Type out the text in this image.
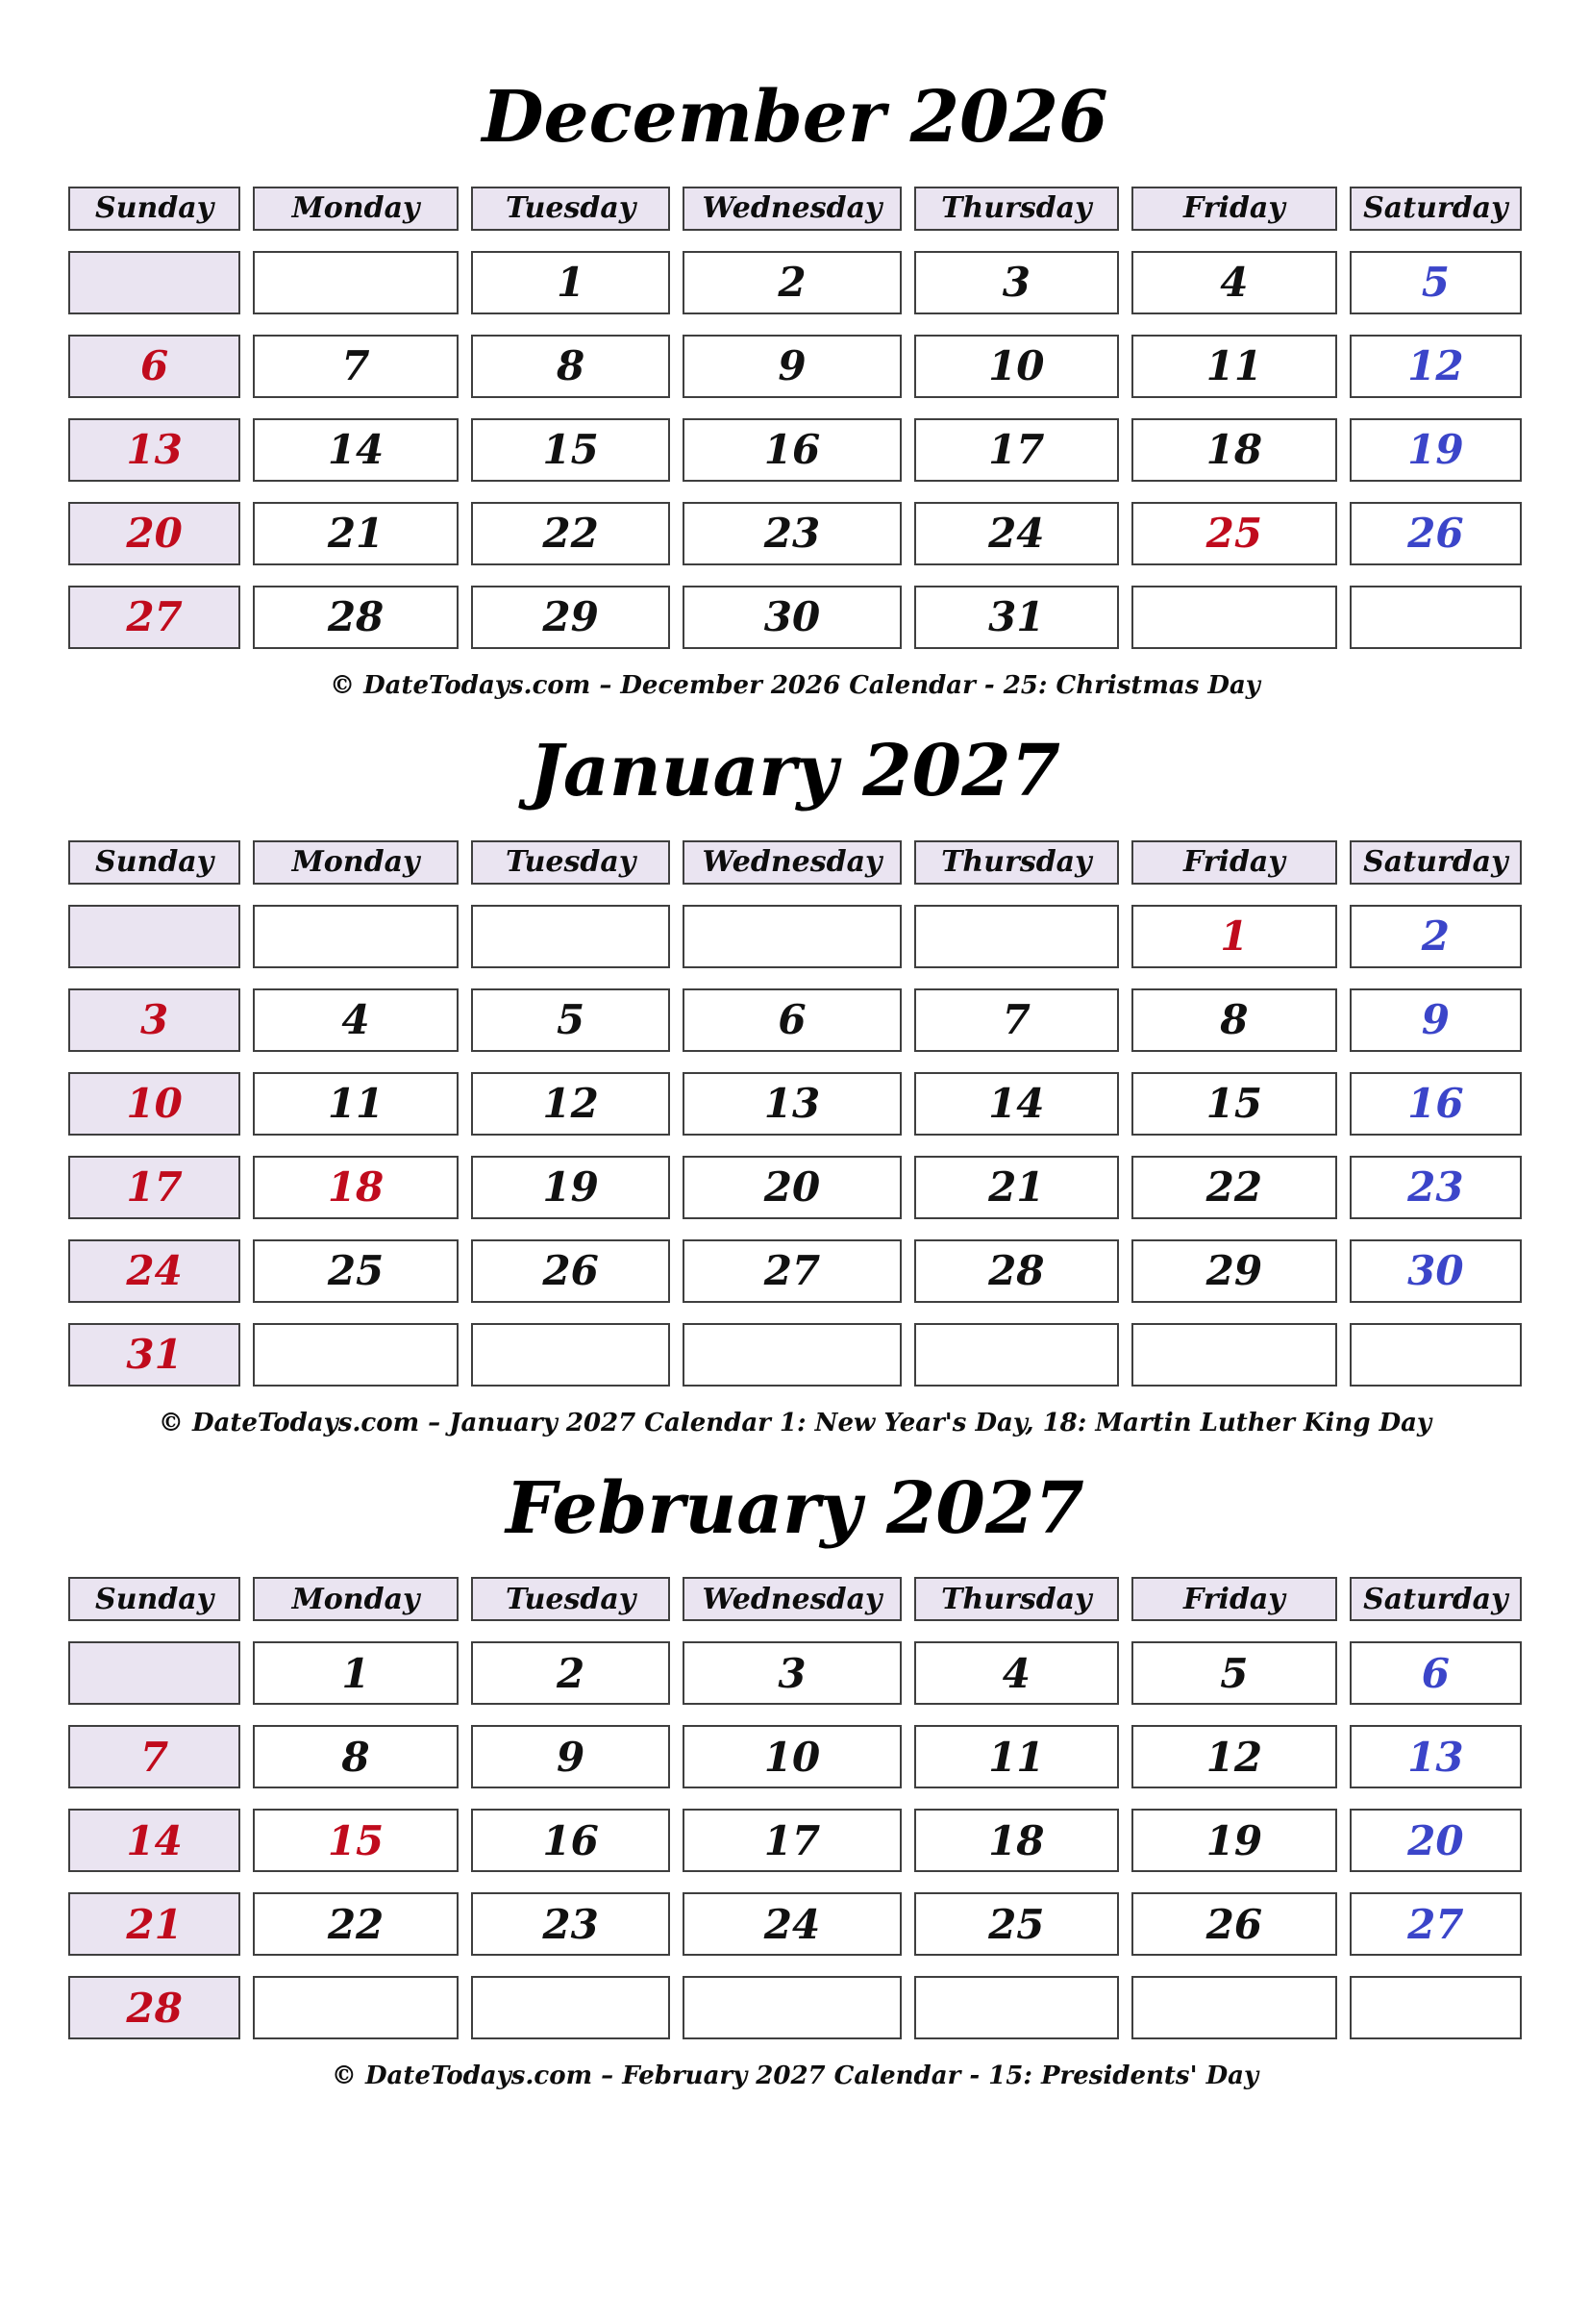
December 2026
Sunday	Monday	Tuesday	Wednesday	Thursday	Friday	Saturday
		1	2	3	4	5
6	7	8	9	10	11	12
13	14	15	16	17	18	19
20	21	22	23	24	25	26
27	28	29	30	31		

© DateTodays.com – December 2026 Calendar - 25: Christmas Day

January 2027
Sunday	Monday	Tuesday	Wednesday	Thursday	Friday	Saturday
					1	2
3	4	5	6	7	8	9
10	11	12	13	14	15	16
17	18	19	20	21	22	23
24	25	26	27	28	29	30
31						

© DateTodays.com – January 2027 Calendar 1: New Year's Day, 18: Martin Luther King Day

February 2027
Sunday	Monday	Tuesday	Wednesday	Thursday	Friday	Saturday
	1	2	3	4	5	6
7	8	9	10	11	12	13
14	15	16	17	18	19	20
21	22	23	24	25	26	27
28						

© DateTodays.com – February 2027 Calendar - 15: Presidents' Day
